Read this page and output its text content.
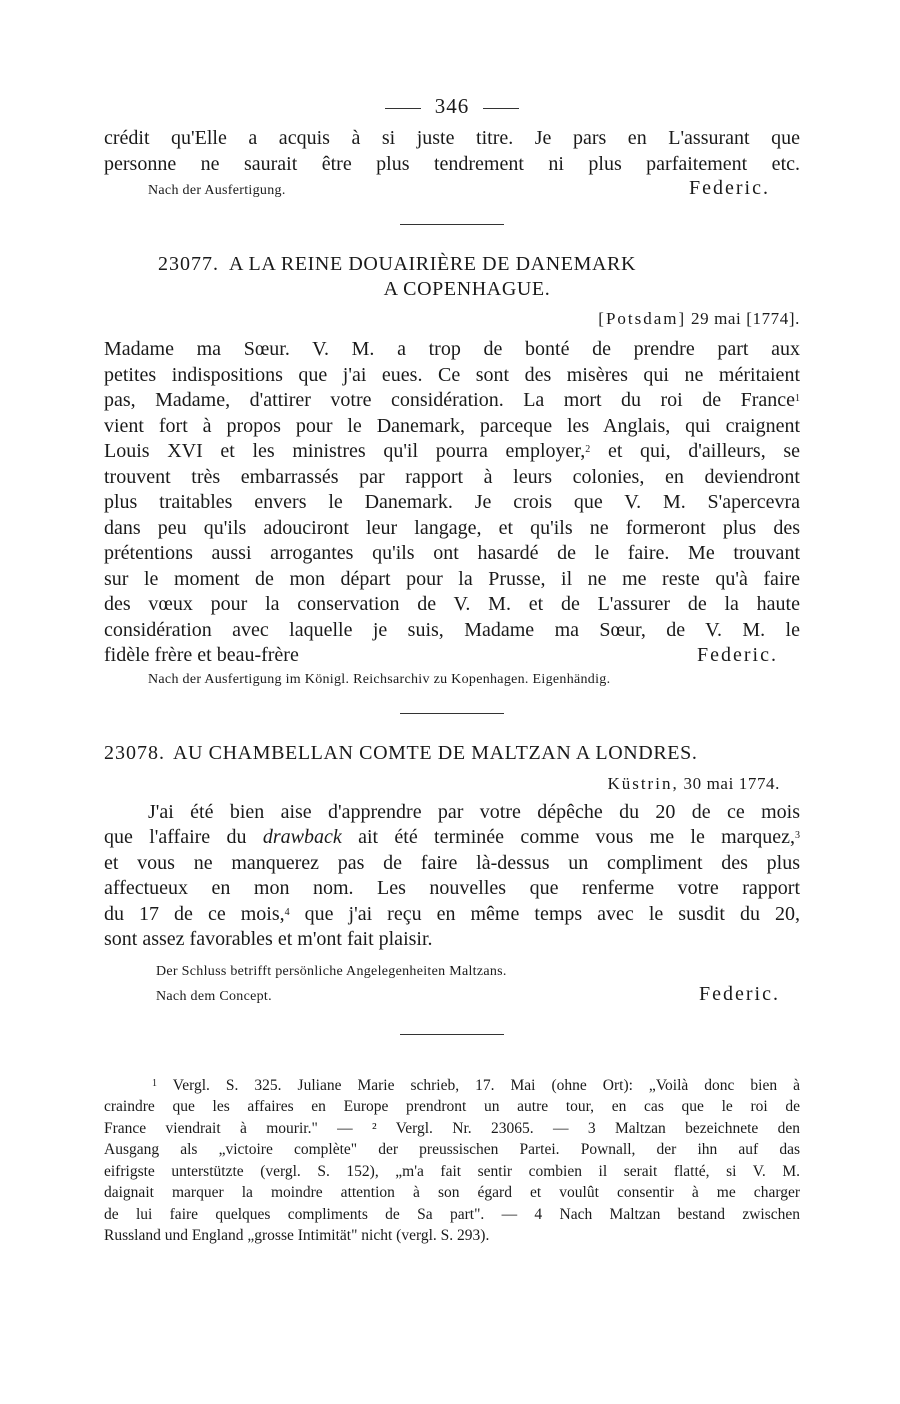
346
crédit qu'Elle a acquis à si juste titre. Je pars en L'assurant que
personne ne saurait être plus tendrement ni plus parfaitement etc.
Nach der Ausfertigung.	Federic.
23077. A LA REINE DOUAIRIÈRE DE DANEMARK
A COPENHAGUE.
[Potsdam] 29 mai [1774].
Madame ma Sœur. V. M. a trop de bonté de prendre part aux
petites indispositions que j'ai eues. Ce sont des misères qui ne méritaient
pas, Madame, d'attirer votre considération. La mort du roi de France$^1$
vient fort à propos pour le Danemark, parceque les Anglais, qui craignent
Louis XVI et les ministres qu'il pourra employer,$^2$ et qui, d'ailleurs, se
trouvent très embarrassés par rapport à leurs colonies, en deviendront
plus traitables envers le Danemark. Je crois que V. M. S'apercevra
dans peu qu'ils adouciront leur langage, et qu'ils ne formeront plus des
prétentions aussi arrogantes qu'ils ont hasardé de le faire. Me trouvant
sur le moment de mon départ pour la Prusse, il ne me reste qu'à faire
des vœux pour la conservation de V. M. et de L'assurer de la haute
considération avec laquelle je suis, Madame ma Sœur, de V. M. le
fidèle frère et beau-frère	Federic.
Nach der Ausfertigung im Königl. Reichsarchiv zu Kopenhagen. Eigenhändig.
23078. AU CHAMBELLAN COMTE DE MALTZAN A LONDRES.
Küstrin, 30 mai 1774.
J'ai été bien aise d'apprendre par votre dépêche du 20 de ce mois
que l'affaire du drawback ait été terminée comme vous me le marquez,$^3$
et vous ne manquerez pas de faire là-dessus un compliment des plus
affectueux en mon nom. Les nouvelles que renferme votre rapport
du 17 de ce mois,$^4$ que j'ai reçu en même temps avec le susdit du 20,
sont assez favorables et m'ont fait plaisir.
Der Schluss betrifft persönliche Angelegenheiten Maltzans.
Nach dem Concept.	Federic.
$^1$ Vergl. S. 325. Juliane Marie schrieb, 17. Mai (ohne Ort): „Voilà donc bien à
craindre que les affaires en Europe prendront un autre tour, en cas que le roi de
France viendrait à mourir." — ² Vergl. Nr. 23065. — 3 Maltzan bezeichnete den
Ausgang als „victoire complète" der preussischen Partei. Pownall, der ihn auf das
eifrigste unterstützte (vergl. S. 152), „m'a fait sentir combien il serait flatté, si V. M.
daignait marquer la moindre attention à son égard et voulût consentir à me charger
de lui faire quelques compliments de Sa part". — 4 Nach Maltzan bestand zwischen
Russland und England „grosse Intimität" nicht (vergl. S. 293).
